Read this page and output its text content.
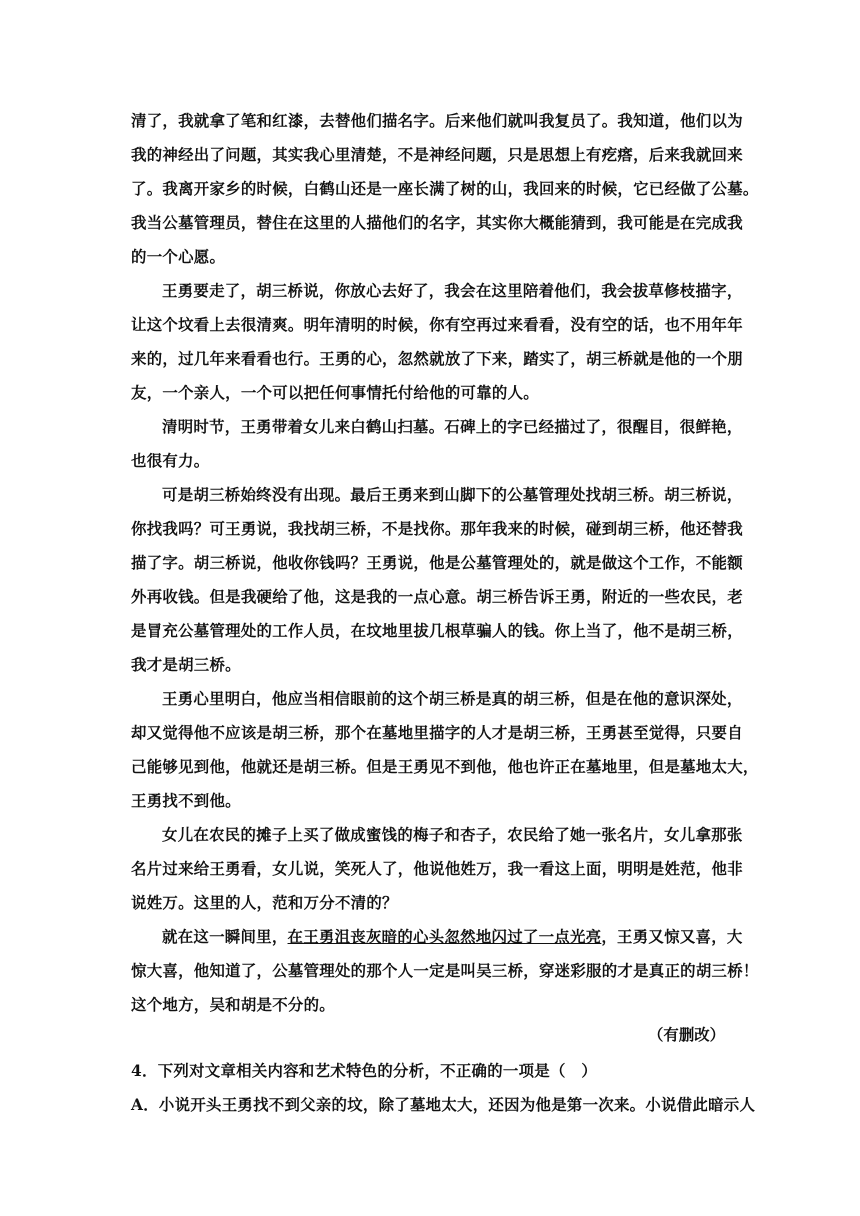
清了，我就拿了笔和红漆，去替他们描名字。后来他们就叫我复员了。我知道，他们以为
我的神经出了问题，其实我心里清楚，不是神经问题，只是思想上有疙瘩，后来我就回来
了。我离开家乡的时候，白鹤山还是一座长满了树的山，我回来的时候，它已经做了公墓。
我当公墓管理员，替住在这里的人描他们的名字，其实你大概能猜到，我可能是在完成我
的一个心愿。
王勇要走了，胡三桥说，你放心去好了，我会在这里陪着他们，我会拔草修枝描字，
让这个坟看上去很清爽。明年清明的时候，你有空再过来看看，没有空的话，也不用年年
来的，过几年来看看也行。王勇的心，忽然就放了下来，踏实了，胡三桥就是他的一个朋
友，一个亲人，一个可以把任何事情托付给他的可靠的人。
清明时节，王勇带着女儿来白鹤山扫墓。石碑上的字已经描过了，很醒目，很鲜艳，
也很有力。
可是胡三桥始终没有出现。最后王勇来到山脚下的公墓管理处找胡三桥。胡三桥说，
你找我吗？可王勇说，我找胡三桥，不是找你。那年我来的时候，碰到胡三桥，他还替我
描了字。胡三桥说，他收你钱吗？王勇说，他是公墓管理处的，就是做这个工作，不能额
外再收钱。但是我硬给了他，这是我的一点心意。胡三桥告诉王勇，附近的一些农民，老
是冒充公墓管理处的工作人员，在坟地里拔几根草骗人的钱。你上当了，他不是胡三桥，
我才是胡三桥。
王勇心里明白，他应当相信眼前的这个胡三桥是真的胡三桥，但是在他的意识深处，
却又觉得他不应该是胡三桥，那个在墓地里描字的人才是胡三桥，王勇甚至觉得，只要自
己能够见到他，他就还是胡三桥。但是王勇见不到他，他也许正在墓地里，但是墓地太大，
王勇找不到他。
女儿在农民的摊子上买了做成蜜饯的梅子和杏子，农民给了她一张名片，女儿拿那张
名片过来给王勇看，女儿说，笑死人了，他说他姓万，我一看这上面，明明是姓范，他非
说姓万。这里的人，范和万分不清的？
就在这一瞬间里，在王勇沮丧灰暗的心头忽然地闪过了一点光亮，王勇又惊又喜，大
惊大喜，他知道了，公墓管理处的那个人一定是叫吴三桥，穿迷彩服的才是真正的胡三桥！
这个地方，吴和胡是不分的。
（有删改）
4．下列对文章相关内容和艺术特色的分析，不正确的一项是（　）
A．小说开头王勇找不到父亲的坟，除了墓地太大，还因为他是第一次来。小说借此暗示人
